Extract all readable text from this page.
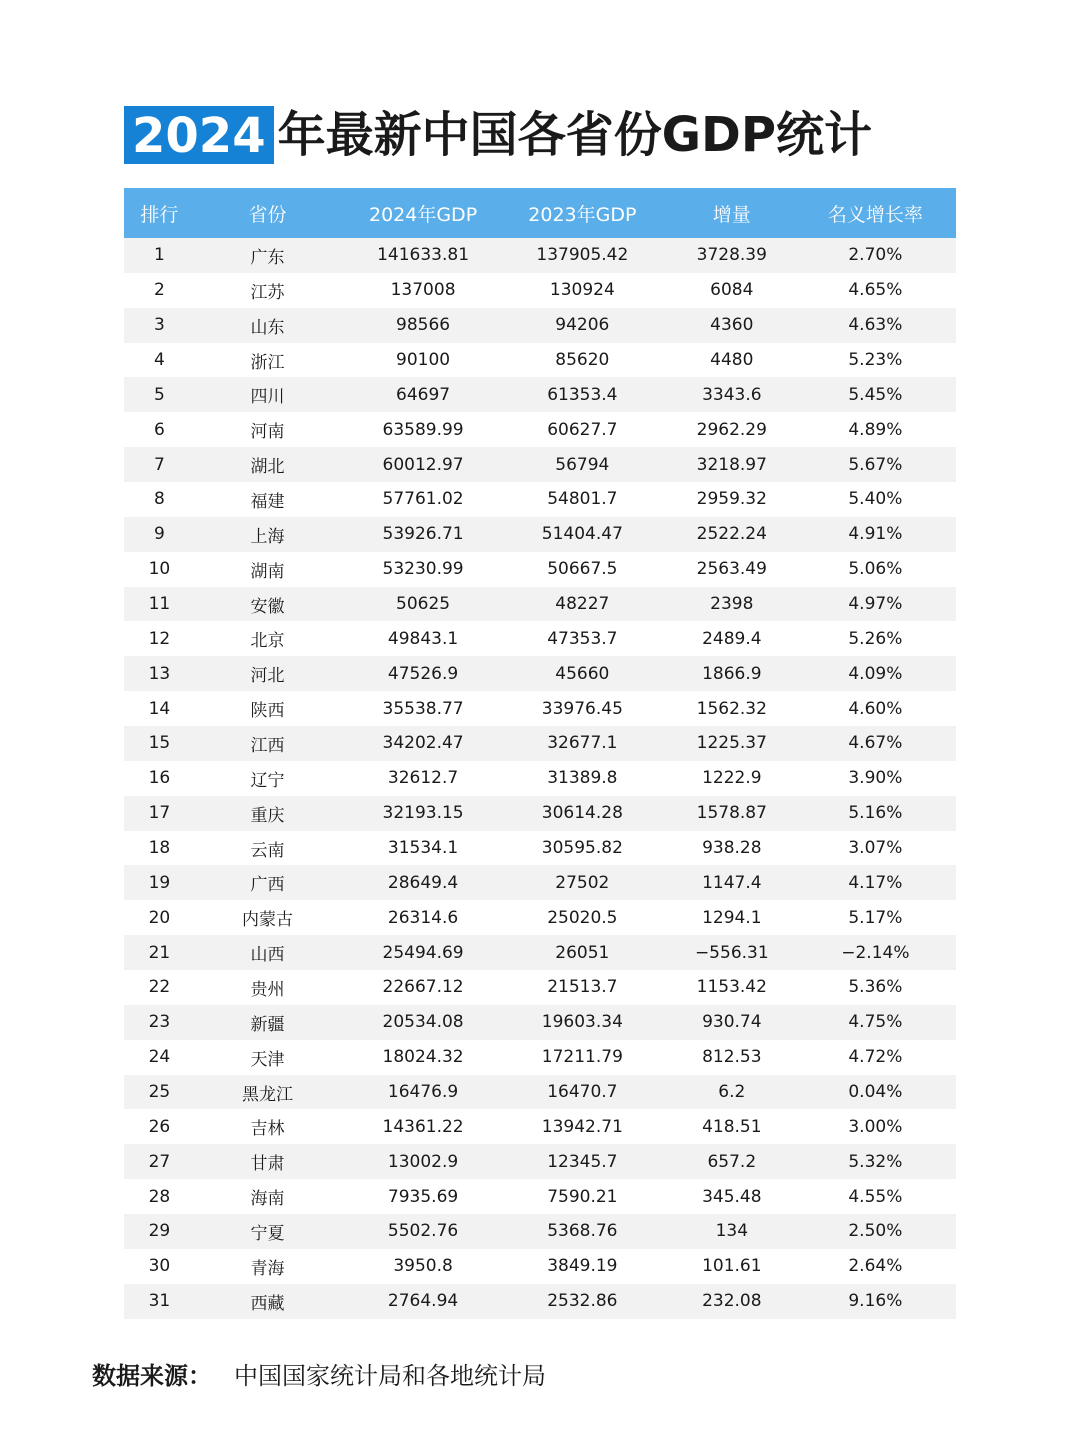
2024 年最新中国各省份GDP统计
排行	省份	2024年GDP	2023年GDP	增量	名义增长率
1	广东	141633.81	137905.42	3728.39	2.70%
2	江苏	137008	130924	6084	4.65%
3	山东	98566	94206	4360	4.63%
4	浙江	90100	85620	4480	5.23%
5	四川	64697	61353.4	3343.6	5.45%
6	河南	63589.99	60627.7	2962.29	4.89%
7	湖北	60012.97	56794	3218.97	5.67%
8	福建	57761.02	54801.7	2959.32	5.40%
9	上海	53926.71	51404.47	2522.24	4.91%
10	湖南	53230.99	50667.5	2563.49	5.06%
11	安徽	50625	48227	2398	4.97%
12	北京	49843.1	47353.7	2489.4	5.26%
13	河北	47526.9	45660	1866.9	4.09%
14	陕西	35538.77	33976.45	1562.32	4.60%
15	江西	34202.47	32677.1	1225.37	4.67%
16	辽宁	32612.7	31389.8	1222.9	3.90%
17	重庆	32193.15	30614.28	1578.87	5.16%
18	云南	31534.1	30595.82	938.28	3.07%
19	广西	28649.4	27502	1147.4	4.17%
20	内蒙古	26314.6	25020.5	1294.1	5.17%
21	山西	25494.69	26051	−556.31	−2.14%
22	贵州	22667.12	21513.7	1153.42	5.36%
23	新疆	20534.08	19603.34	930.74	4.75%
24	天津	18024.32	17211.79	812.53	4.72%
25	黑龙江	16476.9	16470.7	6.2	0.04%
26	吉林	14361.22	13942.71	418.51	3.00%
27	甘肃	13002.9	12345.7	657.2	5.32%
28	海南	7935.69	7590.21	345.48	4.55%
29	宁夏	5502.76	5368.76	134	2.50%
30	青海	3950.8	3849.19	101.61	2.64%
31	西藏	2764.94	2532.86	232.08	9.16%
数据来源： 中国国家统计局和各地统计局
